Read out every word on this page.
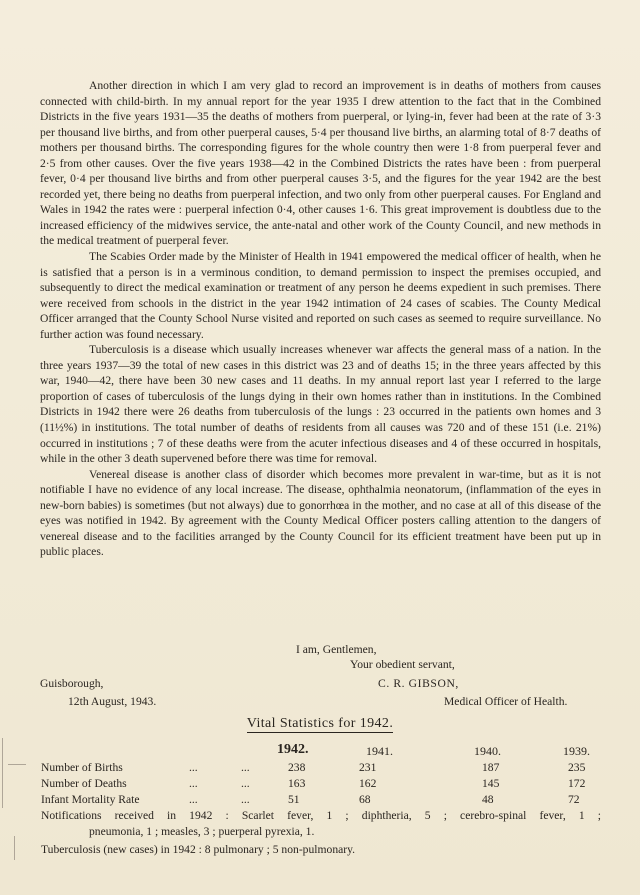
Another direction in which I am very glad to record an improvement is in deaths of mothers from causes connected with child-birth. In my annual report for the year 1935 I drew attention to the fact that in the Combined Districts in the five years 1931—35 the deaths of mothers from puerperal, or lying-in, fever had been at the rate of 3·3 per thousand live births, and from other puerperal causes, 5·4 per thousand live births, an alarming total of 8·7 deaths of mothers per thousand births. The corresponding figures for the whole country then were 1·8 from puerperal fever and 2·5 from other causes. Over the five years 1938—42 in the Combined Districts the rates have been : from puerperal fever, 0·4 per thousand live births and from other puerperal causes 3·5, and the figures for the year 1942 are the best recorded yet, there being no deaths from puerperal infection, and two only from other puerperal causes. For England and Wales in 1942 the rates were : puerperal infection 0·4, other causes 1·6. This great improvement is doubtless due to the increased efficiency of the midwives service, the ante-natal and other work of the County Council, and new methods in the medical treatment of puerperal fever.

The Scabies Order made by the Minister of Health in 1941 empowered the medical officer of health, when he is satisfied that a person is in a verminous condition, to demand permission to inspect the premises occupied, and subsequently to direct the medical examination or treatment of any person he deems expedient in such premises. There were received from schools in the district in the year 1942 intimation of 24 cases of scabies. The County Medical Officer arranged that the County School Nurse visited and reported on such cases as seemed to require surveillance. No further action was found necessary.

Tuberculosis is a disease which usually increases whenever war affects the general mass of a nation. In the three years 1937—39 the total of new cases in this district was 23 and of deaths 15; in the three years affected by this war, 1940—42, there have been 30 new cases and 11 deaths. In my annual report last year I referred to the large proportion of cases of tuberculosis of the lungs dying in their own homes rather than in institutions. In the Combined Districts in 1942 there were 26 deaths from tuberculosis of the lungs : 23 occurred in the patients own homes and 3 (11½%) in institutions. The total number of deaths of residents from all causes was 720 and of these 151 (i.e. 21%) occurred in institutions ; 7 of these deaths were from the acuter infectious diseases and 4 of these occurred in hospitals, while in the other 3 death supervened before there was time for removal.

Venereal disease is another class of disorder which becomes more prevalent in war-time, but as it is not notifiable I have no evidence of any local increase. The disease, ophthalmia neonatorum, (inflammation of the eyes in new-born babies) is sometimes (but not always) due to gonorrhœa in the mother, and no case at all of this disease of the eyes was notified in 1942. By agreement with the County Medical Officer posters calling attention to the dangers of venereal disease and to the facilities arranged by the County Council for its efficient treatment have been put up in public places.

I am, Gentlemen,
Your obedient servant,
Guisborough,	C. R. GIBSON,
12th August, 1943.	Medical Officer of Health.
Vital Statistics for 1942.
1942.	1941.	1940.	1939.
Number of Births	...	...	238	231	187	235
Number of Deaths	...	...	163	162	145	172
Infant Mortality Rate	...	...	51	68	48	72
Notifications received in 1942 : Scarlet fever, 1 ; diphtheria, 5 ; cerebro-spinal fever, 1 ;
pneumonia, 1 ; measles, 3 ; puerperal pyrexia, 1.
Tuberculosis (new cases) in 1942 : 8 pulmonary ; 5 non-pulmonary.
